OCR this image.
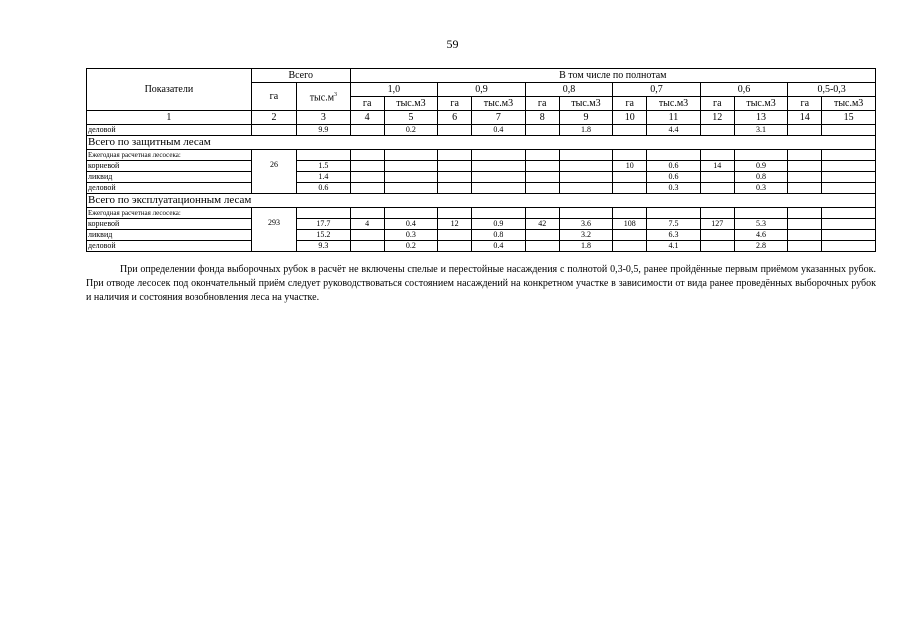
59
Показатели	Всего		В том числе по полнотам											
	га	$тыс.м^3$	1,0		0,9		0,8		0,7		0,6		0,5-0,3	
			га	тыс.м3	га	тыс.м3	га	тыс.м3	га	тыс.м3	га	тыс.м3	га	тыс.м3
1	2	3	4	5	6	7	8	9	10	11	12	13	14	15
деловой		9.9		0.2		0.4		1.8		4.4		3.1		
Всего по защитным лесам														
Ежегодная расчетная лесосека:	26													

корневой		1.5							10	0.6	14	0.9		
ликвид		1.4								0.6		0.8		
деловой		0.6								0.3		0.3		
Всего по эксплуатационным лесам														
Ежегодная расчетная лесосека:	293													

корневой		17.7	4	0.4	12	0.9	42	3.6	108	7.5	127	5.3		
ликвид		15.2		0.3		0.8		3.2		6.3		4.6		
деловой		9.3		0.2		0.4		1.8		4.1		2.8		

При определении фонда выборочных рубок в расчёт не включены спелые и перестойные насаждения с полнотой 0,3-0,5, ранее пройдённые первым приёмом указанных рубок. При отводе лесосек под окончательный приём следует руководствоваться состоянием насаждений на конкретном участке в зависимости от вида ранее проведённых выборочных рубок и наличия и состояния возобновления леса на участке.
